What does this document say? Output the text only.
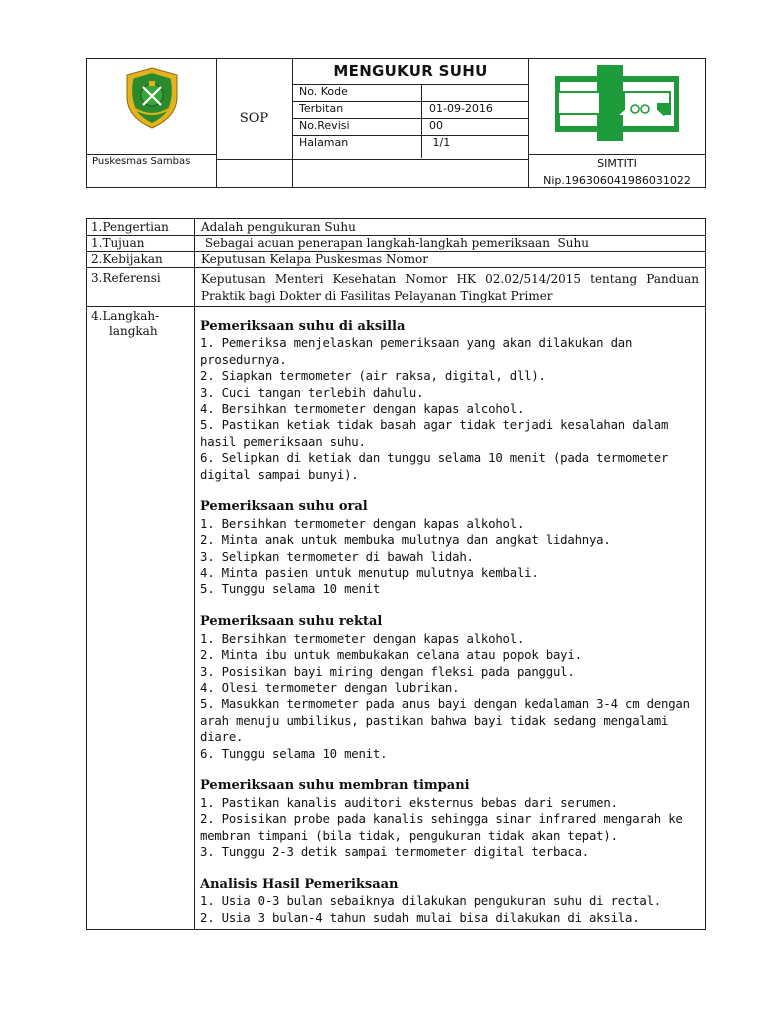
MENGUKUR SUHU
SOP
No. Kode
Terbitan	01-09-2016
No.Revisi	00
Halaman	1/1
Puskesmas Sambas	SIMTITI
Nip.196306041986031022
1.Pengertian	Adalah pengukuran Suhu
1.Tujuan	Sebagai acuan penerapan langkah-langkah pemeriksaan  Suhu
2.Kebijakan	Keputusan Kelapa Puskesmas Nomor
3.Referensi	Keputusan Menteri Kesehatan Nomor HK 02.02/514/2015 tentang Panduan Praktik bagi Dokter di Fasilitas Pelayanan Tingkat Primer
4.Langkah-
langkah	Pemeriksaan suhu di aksilla
1. Pemeriksa menjelaskan pemeriksaan yang akan dilakukan dan prosedurnya.
2. Siapkan termometer (air raksa, digital, dll).
3. Cuci tangan terlebih dahulu.
4. Bersihkan termometer dengan kapas alcohol.
5. Pastikan ketiak tidak basah agar tidak terjadi kesalahan dalam hasil pemeriksaan suhu.
6. Selipkan di ketiak dan tunggu selama 10 menit (pada termometer digital sampai bunyi).
Pemeriksaan suhu oral
1. Bersihkan termometer dengan kapas alkohol.
2. Minta anak untuk membuka mulutnya dan angkat lidahnya.
3. Selipkan termometer di bawah lidah.
4. Minta pasien untuk menutup mulutnya kembali.
5. Tunggu selama 10 menit
Pemeriksaan suhu rektal
1. Bersihkan termometer dengan kapas alkohol.
2. Minta ibu untuk membukakan celana atau popok bayi.
3. Posisikan bayi miring dengan fleksi pada panggul.
4. Olesi termometer dengan lubrikan.
5. Masukkan termometer pada anus bayi dengan kedalaman 3-4 cm dengan arah menuju umbilikus, pastikan bahwa bayi tidak sedang mengalami diare.
6. Tunggu selama 10 menit.
Pemeriksaan suhu membran timpani
1. Pastikan kanalis auditori eksternus bebas dari serumen.
2. Posisikan probe pada kanalis sehingga sinar infrared mengarah ke membran timpani (bila tidak, pengukuran tidak akan tepat).
3. Tunggu 2-3 detik sampai termometer digital terbaca.
Analisis Hasil Pemeriksaan
1. Usia 0-3 bulan sebaiknya dilakukan pengukuran suhu di rectal.
2. Usia 3 bulan-4 tahun sudah mulai bisa dilakukan di aksila.
